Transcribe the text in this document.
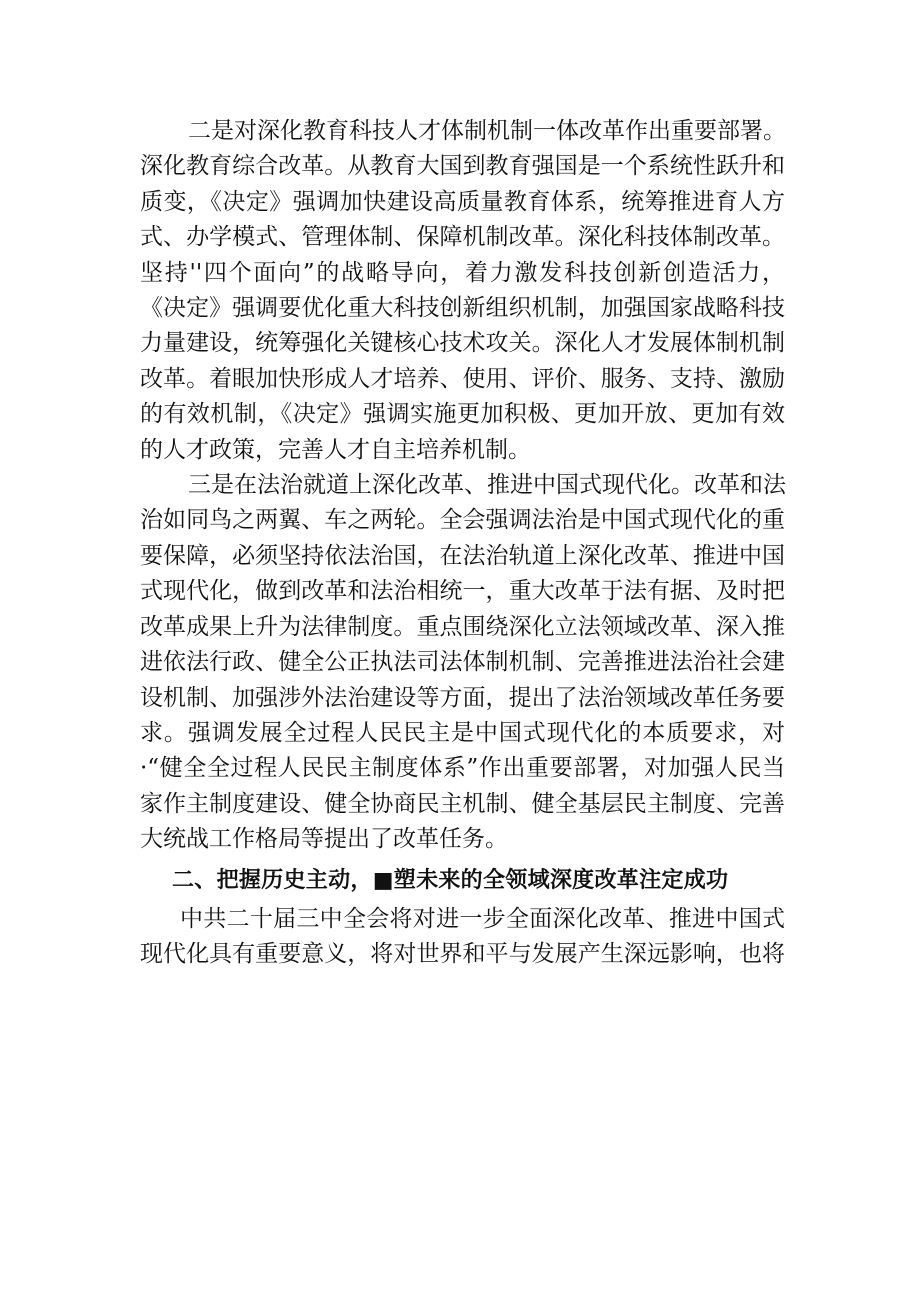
二是对深化教育科技人才体制机制一体改革作出重要部署。
深化教育综合改革。从教育大国到教育强国是一个系统性跃升和
质变，《决定》强调加快建设高质量教育体系，统筹推进育人方
式、办学模式、管理体制、保障机制改革。深化科技体制改革。
坚持''四个面向”的战略导向，着力激发科技创新创造活力，
《决定》强调要优化重大科技创新组织机制，加强国家战略科技
力量建设，统筹强化关键核心技术攻关。深化人才发展体制机制
改革。着眼加快形成人才培养、使用、评价、服务、支持、激励
的有效机制，《决定》强调实施更加积极、更加开放、更加有效
的人才政策，完善人才自主培养机制。
三是在法治就道上深化改革、推进中国式现代化。改革和法
治如同鸟之两翼、车之两轮。全会强调法治是中国式现代化的重
要保障，必须坚持依法治国，在法治轨道上深化改革、推进中国
式现代化，做到改革和法治相统一，重大改革于法有据、及时把
改革成果上升为法律制度。重点围绕深化立法领域改革、深入推
进依法行政、健全公正执法司法体制机制、完善推进法治社会建
设机制、加强涉外法治建设等方面，提出了法治领域改革任务要
求。强调发展全过程人民民主是中国式现代化的本质要求，对
·“健全全过程人民民主制度体系”作出重要部署，对加强人民当
家作主制度建设、健全协商民主机制、健全基层民主制度、完善
大统战工作格局等提出了改革任务。
二、把握历史主动，■塑未来的全领域深度改革注定成功
中共二十届三中全会将对进一步全面深化改革、推进中国式
现代化具有重要意义，将对世界和平与发展产生深远影响，也将
